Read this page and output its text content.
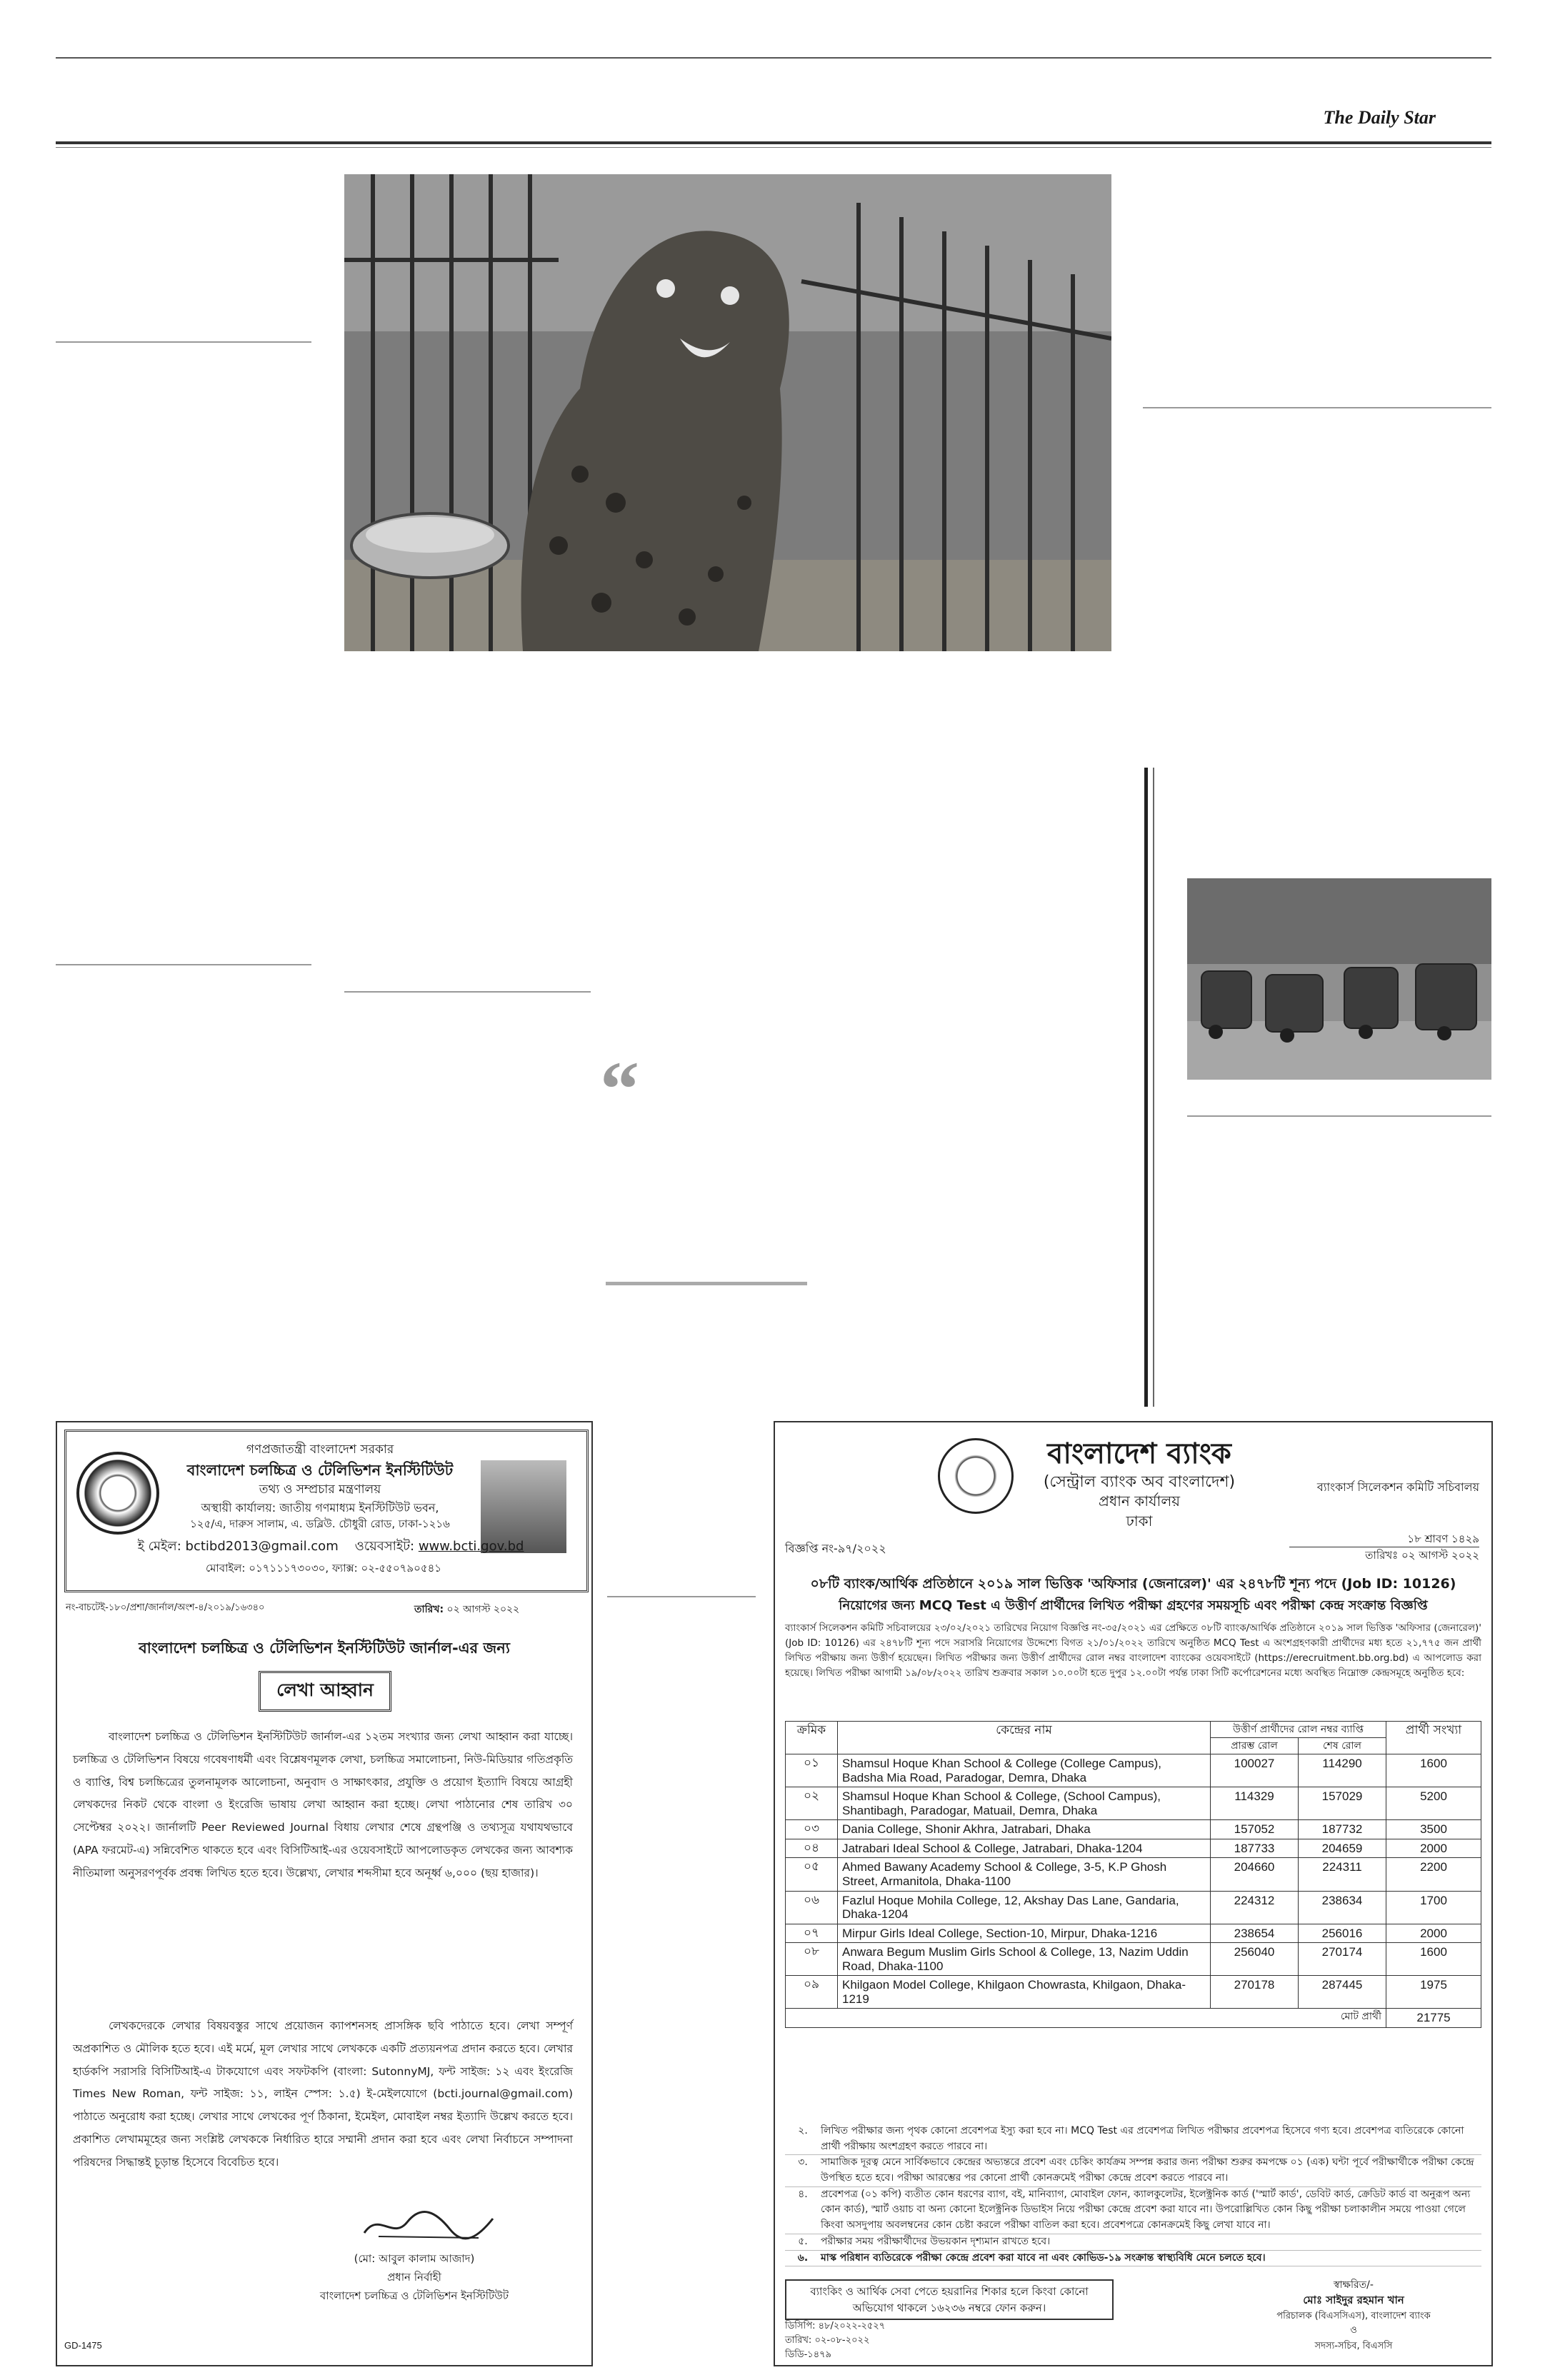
The Daily Star
“
গণপ্রজাতন্ত্রী বাংলাদেশ সরকার
বাংলাদেশ চলচ্চিত্র ও টেলিভিশন ইনস্টিটিউট
তথ্য ও সম্প্রচার মন্ত্রণালয়
অস্থায়ী কার্যালয়: জাতীয় গণমাধ্যম ইনস্টিটিউট ভবন,
১২৫/এ, দারুস সালাম, এ. ডব্লিউ. চৌধুরী রোড, ঢাকা-১২১৬
ই মেইল: bctibd2013@gmail.com ওয়েবসাইট: www.bcti.gov.bd
মোবাইল: ০১৭১১১৭৩০৩০, ফ্যাক্স: ০২-৫৫০৭৯০৫৪১
নং-বাচটেই-১৮০/প্রশা/জার্নাল/অংশ-৪/২০১৯/১৬৩৪০	তারিখ: ০২ আগস্ট ২০২২
বাংলাদেশ চলচ্চিত্র ও টেলিভিশন ইনস্টিটিউট জার্নাল-এর জন্য
লেখা আহ্বান
বাংলাদেশ চলচ্চিত্র ও টেলিভিশন ইনস্টিটিউট জার্নাল-এর ১২তম সংখ্যার জন্য লেখা আহ্বান করা যাচ্ছে। চলচ্চিত্র ও টেলিভিশন বিষয়ে গবেষণাধর্মী এবং বিশ্লেষণমূলক লেখা, চলচ্চিত্র সমালোচনা, নিউ-মিডিয়ার গতিপ্রকৃতি ও ব্যাপ্তি, বিশ্ব চলচ্চিত্রের তুলনামূলক আলোচনা, অনুবাদ ও সাক্ষাৎকার, প্রযুক্তি ও প্রয়োগ ইত্যাদি বিষয়ে আগ্রহী লেখকদের নিকট থেকে বাংলা ও ইংরেজি ভাষায় লেখা আহ্বান করা হচ্ছে। লেখা পাঠানোর শেষ তারিখ ৩০ সেপ্টেম্বর ২০২২। জার্নালটি Peer Reviewed Journal বিধায় লেখার শেষে গ্রন্থপঞ্জি ও তথ্যসূত্র যথাযথভাবে (APA ফরমেট-এ) সন্নিবেশিত থাকতে হবে এবং বিসিটিআই-এর ওয়েবসাইটে আপলোডকৃত লেখকের জন্য আবশ্যক নীতিমালা অনুসরণপূর্বক প্রবন্ধ লিখিত হতে হবে। উল্লেখ্য, লেখার শব্দসীমা হবে অনূর্ধ্ব ৬,০০০ (ছয় হাজার)।
লেখকদেরকে লেখার বিষয়বস্তুর সাথে প্রয়োজন ক্যাপশনসহ প্রাসঙ্গিক ছবি পাঠাতে হবে। লেখা সম্পূর্ণ অপ্রকাশিত ও মৌলিক হতে হবে। এই মর্মে, মূল লেখার সাথে লেখককে একটি প্রত্যয়নপত্র প্রদান করতে হবে। লেখার হার্ডকপি সরাসরি বিসিটিআই-এ টাকযোগে এবং সফটকপি (বাংলা: SutonnyMJ, ফন্ট সাইজ: ১২ এবং ইংরেজি Times New Roman, ফন্ট সাইজ: ১১, লাইন স্পেস: ১.৫) ই-মেইলযোগে (bcti.journal@gmail.com) পাঠাতে অনুরোধ করা হচ্ছে। লেখার সাথে লেখকের পূর্ণ ঠিকানা, ইমেইল, মোবাইল নম্বর ইত্যাদি উল্লেখ করতে হবে। প্রকাশিত লেখামমূহের জন্য সংশ্লিষ্ট লেখককে নির্ধারিত হারে সম্মানী প্রদান করা হবে এবং লেখা নির্বাচনে সম্পাদনা পরিষদের সিদ্ধান্তই চূড়ান্ত হিসেবে বিবেচিত হবে।
(মো: আবুল কালাম আজাদ)
প্রধান নির্বাহী
বাংলাদেশ চলচ্চিত্র ও টেলিভিশন ইনস্টিটিউট
GD-1475
বাংলাদেশ ব্যাংক
(সেন্ট্রাল ব্যাংক অব বাংলাদেশ)
প্রধান কার্যালয়
ঢাকা
ব্যাংকার্স সিলেকশন কমিটি সচিবালয়
বিজ্ঞপ্তি নং-৯৭/২০২২
১৮ শ্রাবণ ১৪২৯
তারিখঃ ০২ আগস্ট ২০২২
০৮টি ব্যাংক/আর্থিক প্রতিষ্ঠানে ২০১৯ সাল ভিত্তিক 'অফিসার (জেনারেল)' এর ২৪৭৮টি শূন্য পদে (Job ID: 10126)
নিয়োগের জন্য MCQ Test এ উত্তীর্ণ প্রার্থীদের লিখিত পরীক্ষা গ্রহণের সময়সূচি এবং পরীক্ষা কেন্দ্র সংক্রান্ত বিজ্ঞপ্তি
ব্যাংকার্স সিলেকশন কমিটি সচিবালয়ের ২৩/০২/২০২১ তারিখের নিয়োগ বিজ্ঞপ্তি নং-৩৫/২০২১ এর প্রেক্ষিতে ০৮টি ব্যাংক/আর্থিক প্রতিষ্ঠানে ২০১৯ সাল ভিত্তিক 'অফিসার (জেনারেল)' (Job ID: 10126) এর ২৪৭৮টি শূন্য পদে সরাসরি নিয়োগের উদ্দেশ্যে বিগত ২১/০১/২০২২ তারিখে অনুষ্ঠিত MCQ Test এ অংশগ্রহণকারী প্রার্থীদের মধ্য হতে ২১,৭৭৫ জন প্রার্থী লিখিত পরীক্ষায় জন্য উত্তীর্ণ হয়েছেন। লিখিত পরীক্ষার জন্য উত্তীর্ণ প্রার্থীদের রোল নম্বর বাংলাদেশ ব্যাংকের ওয়েবসাইটে (https://erecruitment.bb.org.bd) এ আপলোড করা হয়েছে। লিখিত পরীক্ষা আগামী ১৯/০৮/২০২২ তারিখ শুক্রবার সকাল ১০.০০টা হতে দুপুর ১২.০০টা পর্যন্ত ঢাকা সিটি কর্পোরেশনের মধ্যে অবস্থিত নিম্নোক্ত কেন্দ্রসমূহে অনুষ্ঠিত হবে:
ক্রমিক	কেন্দ্রের নাম	উত্তীর্ণ প্রার্থীদের রোল নম্বর ব্যাপ্তি		প্রার্থী সংখ্যা
		প্রারম্ভ রোল	শেষ রোল	
০১	Shamsul Hoque Khan School & College (College Campus), Badsha Mia Road, Paradogar, Demra, Dhaka	100027	114290	1600
০২	Shamsul Hoque Khan School & College, (School Campus), Shantibagh, Paradogar, Matuail, Demra, Dhaka	114329	157029	5200
০৩	Dania College, Shonir Akhra, Jatrabari, Dhaka	157052	187732	3500
০৪	Jatrabari Ideal School & College, Jatrabari, Dhaka-1204	187733	204659	2000
০৫	Ahmed Bawany Academy School & College, 3-5, K.P Ghosh Street, Armanitola, Dhaka-1100	204660	224311	2200
০৬	Fazlul Hoque Mohila College, 12, Akshay Das Lane, Gandaria, Dhaka-1204	224312	238634	1700
০৭	Mirpur Girls Ideal College, Section-10, Mirpur, Dhaka-1216	238654	256016	2000
০৮	Anwara Begum Muslim Girls School & College, 13, Nazim Uddin Road, Dhaka-1100	256040	270174	1600
০৯	Khilgaon Model College, Khilgaon Chowrasta, Khilgaon, Dhaka-1219	270178	287445	1975
মোট প্রার্থী				21775
২.	লিখিত পরীক্ষার জন্য পৃথক কোনো প্রবেশপত্র ইস্যু করা হবে না। MCQ Test এর প্রবেশপত্র লিখিত পরীক্ষার প্রবেশপত্র হিসেবে গণ্য হবে। প্রবেশপত্র ব্যতিরেকে কোনো প্রার্থী পরীক্ষায় অংশগ্রহণ করতে পারবে না।
৩.	সামাজিক দূরত্ব মেনে সার্বিকভাবে কেন্দ্রের অভ্যন্তরে প্রবেশ এবং চেকিং কার্যক্রম সম্পন্ন করার জন্য পরীক্ষা শুরুর কমপক্ষে ০১ (এক) ঘন্টা পূর্বে পরীক্ষার্থীকে পরীক্ষা কেন্দ্রে উপস্থিত হতে হবে। পরীক্ষা আরম্ভের পর কোনো প্রার্থী কোনক্রমেই পরীক্ষা কেন্দ্রে প্রবেশ করতে পারবে না।
৪.	প্রবেশপত্র (০১ কপি) ব্যতীত কোন ধরণের ব্যাগ, বই, মানিব্যাগ, মোবাইল ফোন, ক্যালকুলেটর, ইলেক্ট্রনিক কার্ড ('স্মার্ট কার্ড', ডেবিট কার্ড, ক্রেডিট কার্ড বা অনুরূপ অন্য কোন কার্ড), স্মার্ট ওয়াচ বা অন্য কোনো ইলেক্ট্রনিক ডিভাইস নিয়ে পরীক্ষা কেন্দ্রে প্রবেশ করা যাবে না। উপরোল্লিখিত কোন কিছু পরীক্ষা চলাকালীন সময়ে পাওয়া গেলে কিংবা অসদুপায় অবলম্বনের কোন চেষ্টা করলে পরীক্ষা বাতিল করা হবে। প্রবেশপত্রে কোনক্রমেই কিছু লেখা যাবে না।
৫.	পরীক্ষার সময় পরীক্ষার্থীদের উভয়কান দৃশ্যমান রাখতে হবে।
৬.	মাস্ক পরিধান ব্যতিরেকে পরীক্ষা কেন্দ্রে প্রবেশ করা যাবে না এবং কোভিড-১৯ সংক্রান্ত স্বাস্থ্যবিধি মেনে চলতে হবে।
ব্যাংকিং ও আর্থিক সেবা পেতে হয়রানির শিকার হলে কিংবা কোনো অভিযোগ থাকলে ১৬২৩৬ নম্বরে ফোন করুন।
স্বাক্ষরিত/-
মোঃ সাইদুর রহমান খান
পরিচালক (বিএসসিএস), বাংলাদেশ ব্যাংক
ও
সদস্য-সচিব, বিএসসি
ডিসিপি: ৪৮/২০২২-২৫২৭
তারিখ: ০২-০৮-২০২২
ডিডি-১৪৭৯
